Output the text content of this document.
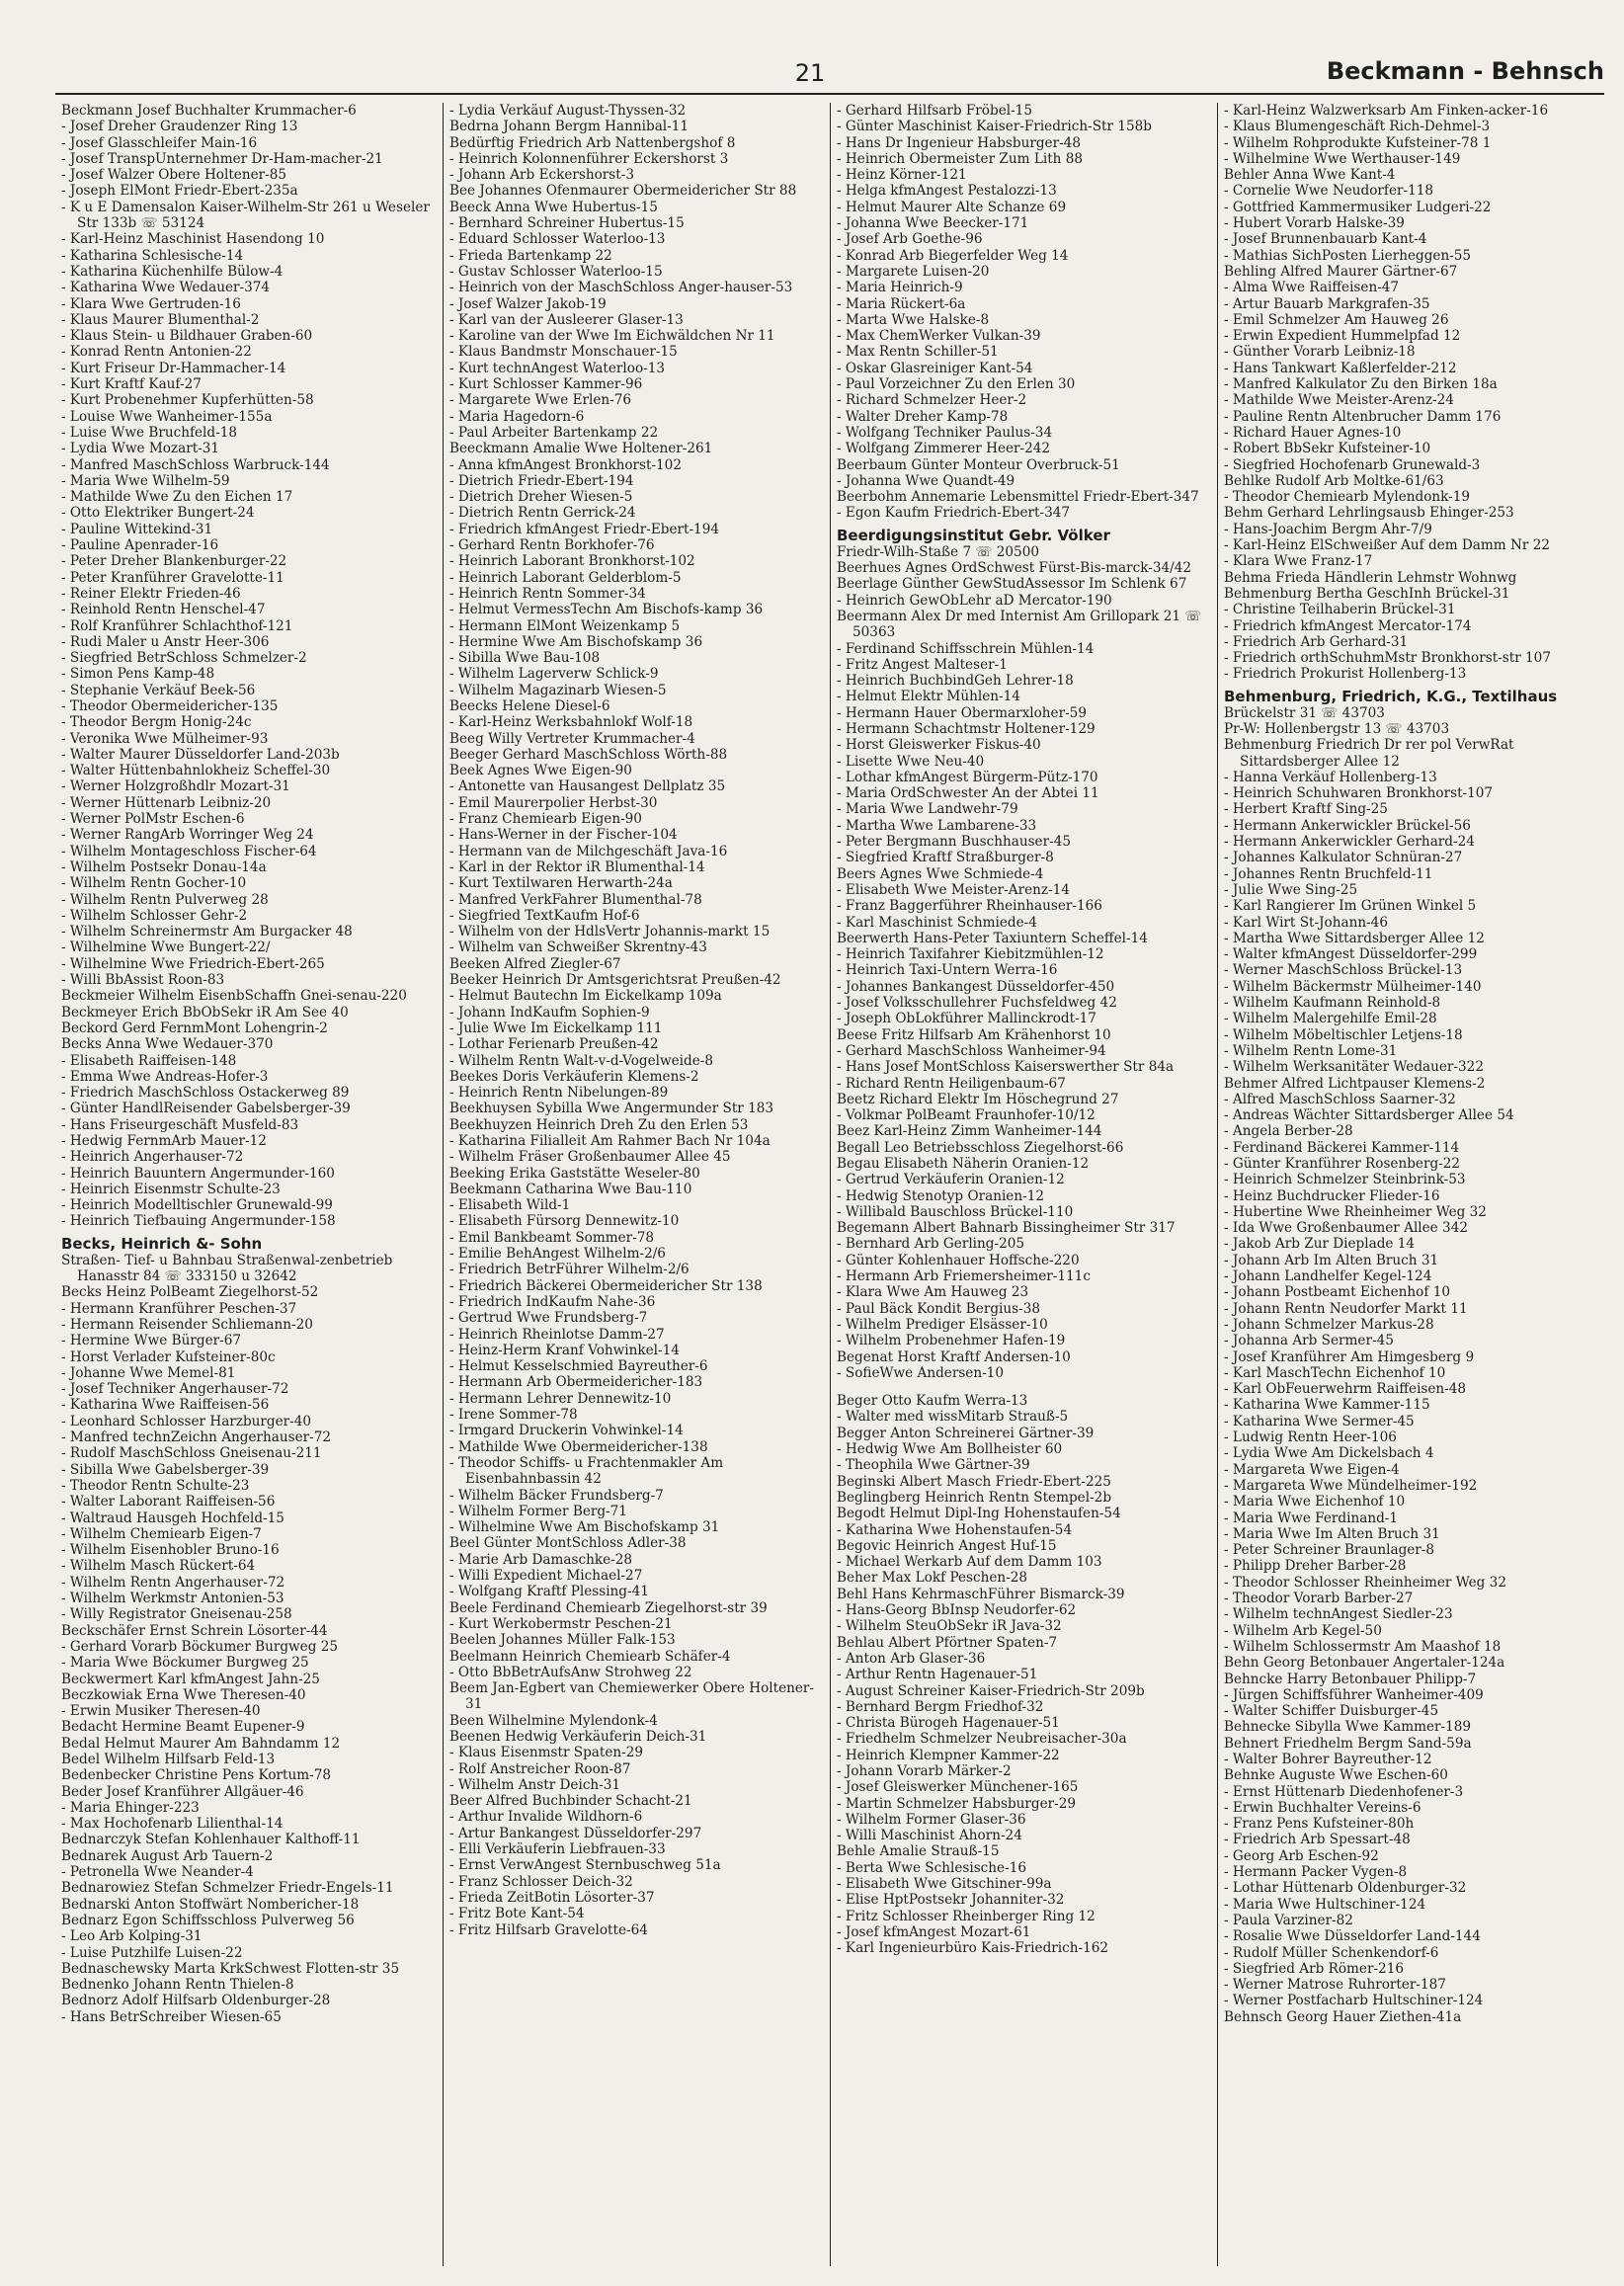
21	Beckmann - Behnsch
Beckmann Josef Buchhalter Krummacher-6
- Josef Dreher Graudenzer Ring 13
- Josef Glasschleifer Main-16
- Josef TranspUnternehmer Dr-Ham-macher-21
- Josef Walzer Obere Holtener-85
- Joseph ElMont Friedr-Ebert-235a
- K u E Damensalon Kaiser-Wilhelm-Str 261 u Weseler Str 133b ☏ 53124
- Karl-Heinz Maschinist Hasendong 10
- Katharina Schlesische-14
- Katharina Küchenhilfe Bülow-4
- Katharina Wwe Wedauer-374
- Klara Wwe Gertruden-16
- Klaus Maurer Blumenthal-2
- Klaus Stein- u Bildhauer Graben-60
- Konrad Rentn Antonien-22
- Kurt Friseur Dr-Hammacher-14
- Kurt Kraftf Kauf-27
- Kurt Probenehmer Kupferhütten-58
- Louise Wwe Wanheimer-155a
- Luise Wwe Bruchfeld-18
- Lydia Wwe Mozart-31
- Manfred MaschSchloss Warbruck-144
- Maria Wwe Wilhelm-59
- Mathilde Wwe Zu den Eichen 17
- Otto Elektriker Bungert-24
- Pauline Wittekind-31
- Pauline Apenrader-16
- Peter Dreher Blankenburger-22
- Peter Kranführer Gravelotte-11
- Reiner Elektr Frieden-46
- Reinhold Rentn Henschel-47
- Rolf Kranführer Schlachthof-121
- Rudi Maler u Anstr Heer-306
- Siegfried BetrSchloss Schmelzer-2
- Simon Pens Kamp-48
- Stephanie Verkäuf Beek-56
- Theodor Obermeidericher-135
- Theodor Bergm Honig-24c
- Veronika Wwe Mülheimer-93
- Walter Maurer Düsseldorfer Land-203b
- Walter Hüttenbahnlokheiz Scheffel-30
- Werner Holzgroßhdlr Mozart-31
- Werner Hüttenarb Leibniz-20
- Werner PolMstr Eschen-6
- Werner RangArb Worringer Weg 24
- Wilhelm Montageschloss Fischer-64
- Wilhelm Postsekr Donau-14a
- Wilhelm Rentn Gocher-10
- Wilhelm Rentn Pulverweg 28
- Wilhelm Schlosser Gehr-2
- Wilhelm Schreinermstr Am Burgacker 48
- Wilhelmine Wwe Bungert-22/
- Wilhelmine Wwe Friedrich-Ebert-265
- Willi BbAssist Roon-83
Beckmeier Wilhelm EisenbSchaffn Gnei-senau-220
Beckmeyer Erich BbObSekr iR Am See 40
Beckord Gerd FernmMont Lohengrin-2
Becks Anna Wwe Wedauer-370
- Elisabeth Raiffeisen-148
- Emma Wwe Andreas-Hofer-3
- Friedrich MaschSchloss Ostackerweg 89
- Günter HandlReisender Gabelsberger-39
- Hans Friseurgeschäft Musfeld-83
- Hedwig FernmArb Mauer-12
- Heinrich Angerhauser-72
- Heinrich Bauuntern Angermunder-160
- Heinrich Eisenmstr Schulte-23
- Heinrich Modelltischler Grunewald-99
- Heinrich Tiefbauing Angermunder-158
Becks, Heinrich &- Sohn
Straßen- Tief- u Bahnbau Straßenwal-zenbetrieb Hanasstr 84 ☏ 333150 u 32642
Becks Heinz PolBeamt Ziegelhorst-52
- Hermann Kranführer Peschen-37
- Hermann Reisender Schliemann-20
- Hermine Wwe Bürger-67
- Horst Verlader Kufsteiner-80c
- Johanne Wwe Memel-81
- Josef Techniker Angerhauser-72
- Katharina Wwe Raiffeisen-56
- Leonhard Schlosser Harzburger-40
- Manfred technZeichn Angerhauser-72
- Rudolf MaschSchloss Gneisenau-211
- Sibilla Wwe Gabelsberger-39
- Theodor Rentn Schulte-23
- Walter Laborant Raiffeisen-56
- Waltraud Hausgeh Hochfeld-15
- Wilhelm Chemiearb Eigen-7
- Wilhelm Eisenhobler Bruno-16
- Wilhelm Masch Rückert-64
- Wilhelm Rentn Angerhauser-72
- Wilhelm Werkmstr Antonien-53
- Willy Registrator Gneisenau-258
Beckschäfer Ernst Schrein Lösorter-44
- Gerhard Vorarb Böckumer Burgweg 25
- Maria Wwe Böckumer Burgweg 25
Beckwermert Karl kfmAngest Jahn-25
Beczkowiak Erna Wwe Theresen-40
- Erwin Musiker Theresen-40
Bedacht Hermine Beamt Eupener-9
Bedal Helmut Maurer Am Bahndamm 12
Bedel Wilhelm Hilfsarb Feld-13
Bedenbecker Christine Pens Kortum-78
Beder Josef Kranführer Allgäuer-46
- Maria Ehinger-223
- Max Hochofenarb Lilienthal-14
Bednarczyk Stefan Kohlenhauer Kalthoff-11
Bednarek August Arb Tauern-2
- Petronella Wwe Neander-4
Bednarowiez Stefan Schmelzer Friedr-Engels-11
Bednarski Anton Stoffwärt Nombericher-18
Bednarz Egon Schiffsschloss Pulverweg 56
- Leo Arb Kolping-31
- Luise Putzhilfe Luisen-22
Bednaschewsky Marta KrkSchwest Flotten-str 35
Bednenko Johann Rentn Thielen-8
Bednorz Adolf Hilfsarb Oldenburger-28
- Hans BetrSchreiber Wiesen-65
- Lydia Verkäuf August-Thyssen-32
Bedrna Johann Bergm Hannibal-11
Bedürftig Friedrich Arb Nattenbergshof 8
- Heinrich Kolonnenführer Eckershorst 3
- Johann Arb Eckershorst-3
Bee Johannes Ofenmaurer Obermeidericher Str 88
Beeck Anna Wwe Hubertus-15
- Bernhard Schreiner Hubertus-15
- Eduard Schlosser Waterloo-13
- Frieda Bartenkamp 22
- Gustav Schlosser Waterloo-15
- Heinrich von der MaschSchloss Anger-hauser-53
- Josef Walzer Jakob-19
- Karl van der Ausleerer Glaser-13
- Karoline van der Wwe Im Eichwäldchen Nr 11
- Klaus Bandmstr Monschauer-15
- Kurt technAngest Waterloo-13
- Kurt Schlosser Kammer-96
- Margarete Wwe Erlen-76
- Maria Hagedorn-6
- Paul Arbeiter Bartenkamp 22
Beeckmann Amalie Wwe Holtener-261
- Anna kfmAngest Bronkhorst-102
- Dietrich Friedr-Ebert-194
- Dietrich Dreher Wiesen-5
- Dietrich Rentn Gerrick-24
- Friedrich kfmAngest Friedr-Ebert-194
- Gerhard Rentn Borkhofer-76
- Heinrich Laborant Bronkhorst-102
- Heinrich Laborant Gelderblom-5
- Heinrich Rentn Sommer-34
- Helmut VermessTechn Am Bischofs-kamp 36
- Hermann ElMont Weizenkamp 5
- Hermine Wwe Am Bischofskamp 36
- Sibilla Wwe Bau-108
- Wilhelm Lagerverw Schlick-9
- Wilhelm Magazinarb Wiesen-5
Beecks Helene Diesel-6
- Karl-Heinz Werksbahnlokf Wolf-18
Beeg Willy Vertreter Krummacher-4
Beeger Gerhard MaschSchloss Wörth-88
Beek Agnes Wwe Eigen-90
- Antonette van Hausangest Dellplatz 35
- Emil Maurerpolier Herbst-30
- Franz Chemiearb Eigen-90
- Hans-Werner in der Fischer-104
- Hermann van de Milchgeschäft Java-16
- Karl in der Rektor iR Blumenthal-14
- Kurt Textilwaren Herwarth-24a
- Manfred VerkFahrer Blumenthal-78
- Siegfried TextKaufm Hof-6
- Wilhelm von der HdlsVertr Johannis-markt 15
- Wilhelm van Schweißer Skrentny-43
Beeken Alfred Ziegler-67
Beeker Heinrich Dr Amtsgerichtsrat Preußen-42
- Helmut Bautechn Im Eickelkamp 109a
- Johann IndKaufm Sophien-9
- Julie Wwe Im Eickelkamp 111
- Lothar Ferienarb Preußen-42
- Wilhelm Rentn Walt-v-d-Vogelweide-8
Beekes Doris Verkäuferin Klemens-2
- Heinrich Rentn Nibelungen-89
Beekhuysen Sybilla Wwe Angermunder Str 183
Beekhuyzen Heinrich Dreh Zu den Erlen 53
- Katharina Filialleit Am Rahmer Bach Nr 104a
- Wilhelm Fräser Großenbaumer Allee 45
Beeking Erika Gaststätte Weseler-80
Beekmann Catharina Wwe Bau-110
- Elisabeth Wild-1
- Elisabeth Fürsorg Dennewitz-10
- Emil Bankbeamt Sommer-78
- Emilie BehAngest Wilhelm-2/6
- Friedrich BetrFührer Wilhelm-2/6
- Friedrich Bäckerei Obermeidericher Str 138
- Friedrich IndKaufm Nahe-36
- Gertrud Wwe Frundsberg-7
- Heinrich Rheinlotse Damm-27
- Heinz-Herm Kranf Vohwinkel-14
- Helmut Kesselschmied Bayreuther-6
- Hermann Arb Obermeidericher-183
- Hermann Lehrer Dennewitz-10
- Irene Sommer-78
- Irmgard Druckerin Vohwinkel-14
- Mathilde Wwe Obermeidericher-138
- Theodor Schiffs- u Frachtenmakler Am Eisenbahnbassin 42
- Wilhelm Bäcker Frundsberg-7
- Wilhelm Former Berg-71
- Wilhelmine Wwe Am Bischofskamp 31
Beel Günter MontSchloss Adler-38
- Marie Arb Damaschke-28
- Willi Expedient Michael-27
- Wolfgang Kraftf Plessing-41
Beele Ferdinand Chemiearb Ziegelhorst-str 39
- Kurt Werkobermstr Peschen-21
Beelen Johannes Müller Falk-153
Beelmann Heinrich Chemiearb Schäfer-4
- Otto BbBetrAufsAnw Strohweg 22
Beem Jan-Egbert van Chemiewerker Obere Holtener-31
Been Wilhelmine Mylendonk-4
Beenen Hedwig Verkäuferin Deich-31
- Klaus Eisenmstr Spaten-29
- Rolf Anstreicher Roon-87
- Wilhelm Anstr Deich-31
Beer Alfred Buchbinder Schacht-21
- Arthur Invalide Wildhorn-6
- Artur Bankangest Düsseldorfer-297
- Elli Verkäuferin Liebfrauen-33
- Ernst VerwAngest Sternbuschweg 51a
- Franz Schlosser Deich-32
- Frieda ZeitBotin Lösorter-37
- Fritz Bote Kant-54
- Fritz Hilfsarb Gravelotte-64
- Gerhard Hilfsarb Fröbel-15
- Günter Maschinist Kaiser-Friedrich-Str 158b
- Hans Dr Ingenieur Habsburger-48
- Heinrich Obermeister Zum Lith 88
- Heinz Körner-121
- Helga kfmAngest Pestalozzi-13
- Helmut Maurer Alte Schanze 69
- Johanna Wwe Beecker-171
- Josef Arb Goethe-96
- Konrad Arb Biegerfelder Weg 14
- Margarete Luisen-20
- Maria Heinrich-9
- Maria Rückert-6a
- Marta Wwe Halske-8
- Max ChemWerker Vulkan-39
- Max Rentn Schiller-51
- Oskar Glasreiniger Kant-54
- Paul Vorzeichner Zu den Erlen 30
- Richard Schmelzer Heer-2
- Walter Dreher Kamp-78
- Wolfgang Techniker Paulus-34
- Wolfgang Zimmerer Heer-242
Beerbaum Günter Monteur Overbruck-51
- Johanna Wwe Quandt-49
Beerbohm Annemarie Lebensmittel Friedr-Ebert-347
- Egon Kaufm Friedrich-Ebert-347
Beerdigungsinstitut Gebr. Völker
Friedr-Wilh-Staße 7 ☏ 20500
Beerhues Agnes OrdSchwest Fürst-Bis-marck-34/42
Beerlage Günther GewStudAssessor Im Schlenk 67
- Heinrich GewObLehr aD Mercator-190
Beermann Alex Dr med Internist Am Grillopark 21 ☏ 50363
- Ferdinand Schiffsschrein Mühlen-14
- Fritz Angest Malteser-1
- Heinrich BuchbindGeh Lehrer-18
- Helmut Elektr Mühlen-14
- Hermann Hauer Obermarxloher-59
- Hermann Schachtmstr Holtener-129
- Horst Gleiswerker Fiskus-40
- Lisette Wwe Neu-40
- Lothar kfmAngest Bürgerm-Pütz-170
- Maria OrdSchwester An der Abtei 11
- Maria Wwe Landwehr-79
- Martha Wwe Lambarene-33
- Peter Bergmann Buschhauser-45
- Siegfried Kraftf Straßburger-8
Beers Agnes Wwe Schmiede-4
- Elisabeth Wwe Meister-Arenz-14
- Franz Baggerführer Rheinhauser-166
- Karl Maschinist Schmiede-4
Beerwerth Hans-Peter Taxiuntern Scheffel-14
- Heinrich Taxifahrer Kiebitzmühlen-12
- Heinrich Taxi-Untern Werra-16
- Johannes Bankangest Düsseldorfer-450
- Josef Volksschullehrer Fuchsfeldweg 42
- Joseph ObLokführer Mallinckrodt-17
Beese Fritz Hilfsarb Am Krähenhorst 10
- Gerhard MaschSchloss Wanheimer-94
- Hans Josef MontSchloss Kaiserswerther Str 84a
- Richard Rentn Heiligenbaum-67
Beetz Richard Elektr Im Höschegrund 27
- Volkmar PolBeamt Fraunhofer-10/12
Beez Karl-Heinz Zimm Wanheimer-144
Begall Leo Betriebsschloss Ziegelhorst-66
Begau Elisabeth Näherin Oranien-12
- Gertrud Verkäuferin Oranien-12
- Hedwig Stenotyp Oranien-12
- Willibald Bauschloss Brückel-110
Begemann Albert Bahnarb Bissingheimer Str 317
- Bernhard Arb Gerling-205
- Günter Kohlenhauer Hoffsche-220
- Hermann Arb Friemersheimer-111c
- Klara Wwe Am Hauweg 23
- Paul Bäck Kondit Bergius-38
- Wilhelm Prediger Elsässer-10
- Wilhelm Probenehmer Hafen-19
Begenat Horst Kraftf Andersen-10
- SofieWwe Andersen-10
Beger Otto Kaufm Werra-13
- Walter med wissMitarb Strauß-5
Begger Anton Schreinerei Gärtner-39
- Hedwig Wwe Am Bollheister 60
- Theophila Wwe Gärtner-39
Beginski Albert Masch Friedr-Ebert-225
Beglingberg Heinrich Rentn Stempel-2b
Begodt Helmut Dipl-Ing Hohenstaufen-54
- Katharina Wwe Hohenstaufen-54
Begovic Heinrich Angest Huf-15
- Michael Werkarb Auf dem Damm 103
Beher Max Lokf Peschen-28
Behl Hans KehrmaschFührer Bismarck-39
- Hans-Georg BbInsp Neudorfer-62
- Wilhelm SteuObSekr iR Java-32
Behlau Albert Pförtner Spaten-7
- Anton Arb Glaser-36
- Arthur Rentn Hagenauer-51
- August Schreiner Kaiser-Friedrich-Str 209b
- Bernhard Bergm Friedhof-32
- Christa Bürogeh Hagenauer-51
- Friedhelm Schmelzer Neubreisacher-30a
- Heinrich Klempner Kammer-22
- Johann Vorarb Märker-2
- Josef Gleiswerker Münchener-165
- Martin Schmelzer Habsburger-29
- Wilhelm Former Glaser-36
- Willi Maschinist Ahorn-24
Behle Amalie Strauß-15
- Berta Wwe Schlesische-16
- Elisabeth Wwe Gitschiner-99a
- Elise HptPostsekr Johanniter-32
- Fritz Schlosser Rheinberger Ring 12
- Josef kfmAngest Mozart-61
- Karl Ingenieurbüro Kais-Friedrich-162
- Karl-Heinz Walzwerksarb Am Finken-acker-16
- Klaus Blumengeschäft Rich-Dehmel-3
- Wilhelm Rohprodukte Kufsteiner-78 1
- Wilhelmine Wwe Werthauser-149
Behler Anna Wwe Kant-4
- Cornelie Wwe Neudorfer-118
- Gottfried Kammermusiker Ludgeri-22
- Hubert Vorarb Halske-39
- Josef Brunnenbauarb Kant-4
- Mathias SichPosten Lierheggen-55
Behling Alfred Maurer Gärtner-67
- Alma Wwe Raiffeisen-47
- Artur Bauarb Markgrafen-35
- Emil Schmelzer Am Hauweg 26
- Erwin Expedient Hummelpfad 12
- Günther Vorarb Leibniz-18
- Hans Tankwart Kaßlerfelder-212
- Manfred Kalkulator Zu den Birken 18a
- Mathilde Wwe Meister-Arenz-24
- Pauline Rentn Altenbrucher Damm 176
- Richard Hauer Agnes-10
- Robert BbSekr Kufsteiner-10
- Siegfried Hochofenarb Grunewald-3
Behlke Rudolf Arb Moltke-61/63
- Theodor Chemiearb Mylendonk-19
Behm Gerhard Lehrlingsausb Ehinger-253
- Hans-Joachim Bergm Ahr-7/9
- Karl-Heinz ElSchweißer Auf dem Damm Nr 22
- Klara Wwe Franz-17
Behma Frieda Händlerin Lehmstr Wohnwg
Behmenburg Bertha GeschInh Brückel-31
- Christine Teilhaberin Brückel-31
- Friedrich kfmAngest Mercator-174
- Friedrich Arb Gerhard-31
- Friedrich orthSchuhmMstr Bronkhorst-str 107
- Friedrich Prokurist Hollenberg-13
Behmenburg, Friedrich, K.G., Textilhaus
Brückelstr 31 ☏ 43703
Pr-W: Hollenbergstr 13 ☏ 43703
Behmenburg Friedrich Dr rer pol VerwRat Sittardsberger Allee 12
- Hanna Verkäuf Hollenberg-13
- Heinrich Schuhwaren Bronkhorst-107
- Herbert Kraftf Sing-25
- Hermann Ankerwickler Brückel-56
- Hermann Ankerwickler Gerhard-24
- Johannes Kalkulator Schnüran-27
- Johannes Rentn Bruchfeld-11
- Julie Wwe Sing-25
- Karl Rangierer Im Grünen Winkel 5
- Karl Wirt St-Johann-46
- Martha Wwe Sittardsberger Allee 12
- Walter kfmAngest Düsseldorfer-299
- Werner MaschSchloss Brückel-13
- Wilhelm Bäckermstr Mülheimer-140
- Wilhelm Kaufmann Reinhold-8
- Wilhelm Malergehilfe Emil-28
- Wilhelm Möbeltischler Letjens-18
- Wilhelm Rentn Lome-31
- Wilhelm Werksanitäter Wedauer-322
Behmer Alfred Lichtpauser Klemens-2
- Alfred MaschSchloss Saarner-32
- Andreas Wächter Sittardsberger Allee 54
- Angela Berber-28
- Ferdinand Bäckerei Kammer-114
- Günter Kranführer Rosenberg-22
- Heinrich Schmelzer Steinbrink-53
- Heinz Buchdrucker Flieder-16
- Hubertine Wwe Rheinheimer Weg 32
- Ida Wwe Großenbaumer Allee 342
- Jakob Arb Zur Dieplade 14
- Johann Arb Im Alten Bruch 31
- Johann Landhelfer Kegel-124
- Johann Postbeamt Eichenhof 10
- Johann Rentn Neudorfer Markt 11
- Johann Schmelzer Markus-28
- Johanna Arb Sermer-45
- Josef Kranführer Am Himgesberg 9
- Karl MaschTechn Eichenhof 10
- Karl ObFeuerwehrm Raiffeisen-48
- Katharina Wwe Kammer-115
- Katharina Wwe Sermer-45
- Ludwig Rentn Heer-106
- Lydia Wwe Am Dickelsbach 4
- Margareta Wwe Eigen-4
- Margareta Wwe Mündelheimer-192
- Maria Wwe Eichenhof 10
- Maria Wwe Ferdinand-1
- Maria Wwe Im Alten Bruch 31
- Peter Schreiner Braunlager-8
- Philipp Dreher Barber-28
- Theodor Schlosser Rheinheimer Weg 32
- Theodor Vorarb Barber-27
- Wilhelm technAngest Siedler-23
- Wilhelm Arb Kegel-50
- Wilhelm Schlossermstr Am Maashof 18
Behn Georg Betonbauer Angertaler-124a
Behncke Harry Betonbauer Philipp-7
- Jürgen Schiffsführer Wanheimer-409
- Walter Schiffer Duisburger-45
Behnecke Sibylla Wwe Kammer-189
Behnert Friedhelm Bergm Sand-59a
- Walter Bohrer Bayreuther-12
Behnke Auguste Wwe Eschen-60
- Ernst Hüttenarb Diedenhofener-3
- Erwin Buchhalter Vereins-6
- Franz Pens Kufsteiner-80h
- Friedrich Arb Spessart-48
- Georg Arb Eschen-92
- Hermann Packer Vygen-8
- Lothar Hüttenarb Oldenburger-32
- Maria Wwe Hultschiner-124
- Paula Varziner-82
- Rosalie Wwe Düsseldorfer Land-144
- Rudolf Müller Schenkendorf-6
- Siegfried Arb Römer-216
- Werner Matrose Ruhrorter-187
- Werner Postfacharb Hultschiner-124
Behnsch Georg Hauer Ziethen-41a
